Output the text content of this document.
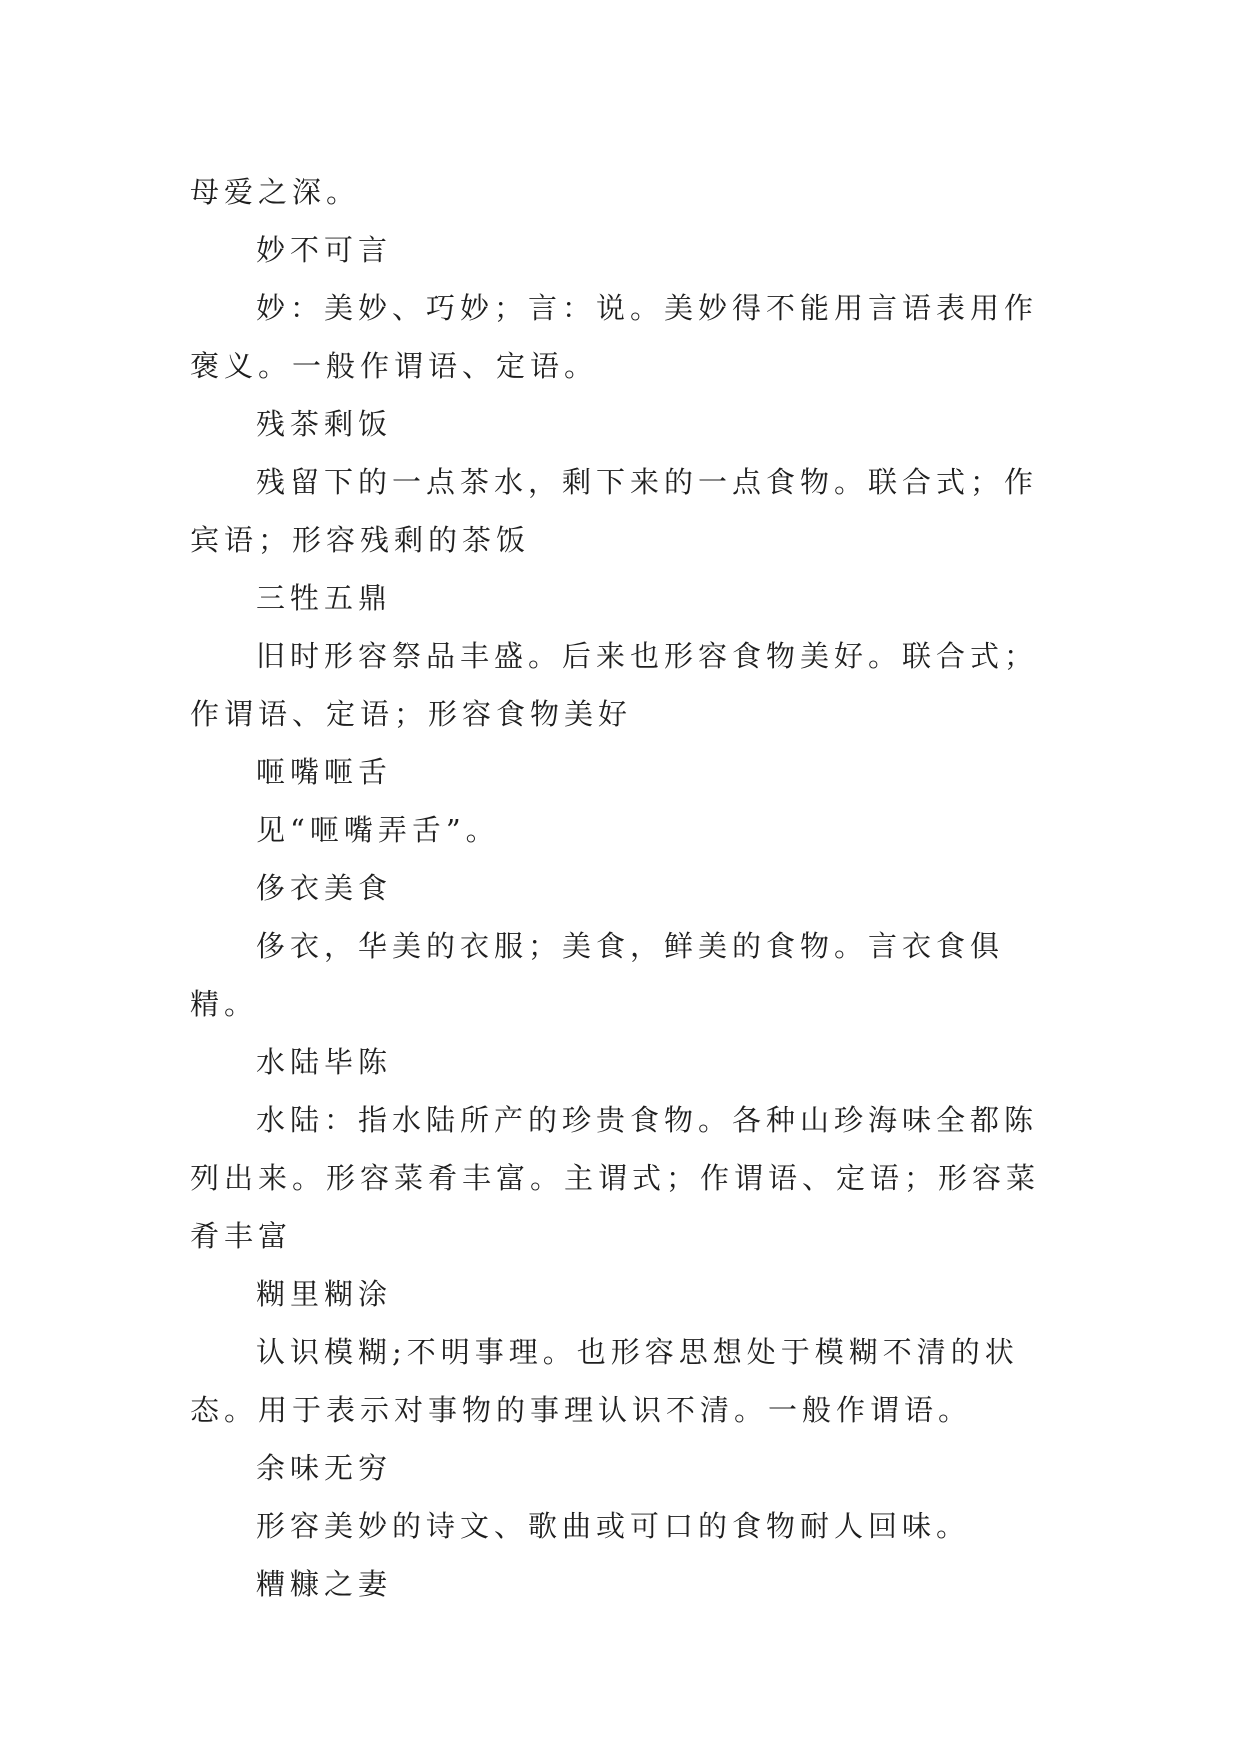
母爱之深。

妙不可言

妙：美妙、巧妙；言：说。美妙得不能用言语表用作褒义。一般作谓语、定语。

残茶剩饭

残留下的一点茶水，剩下来的一点食物。联合式；作宾语；形容残剩的茶饭

三牲五鼎

旧时形容祭品丰盛。后来也形容食物美好。联合式；作谓语、定语；形容食物美好

咂嘴咂舌

见“咂嘴弄舌”。

侈衣美食

侈衣，华美的衣服；美食，鲜美的食物。言衣食俱精。

水陆毕陈

水陆：指水陆所产的珍贵食物。各种山珍海味全都陈列出来。形容菜肴丰富。主谓式；作谓语、定语；形容菜肴丰富

糊里糊涂

认识模糊;不明事理。也形容思想处于模糊不清的状态。用于表示对事物的事理认识不清。一般作谓语。

余味无穷

形容美妙的诗文、歌曲或可口的食物耐人回味。

糟糠之妻
